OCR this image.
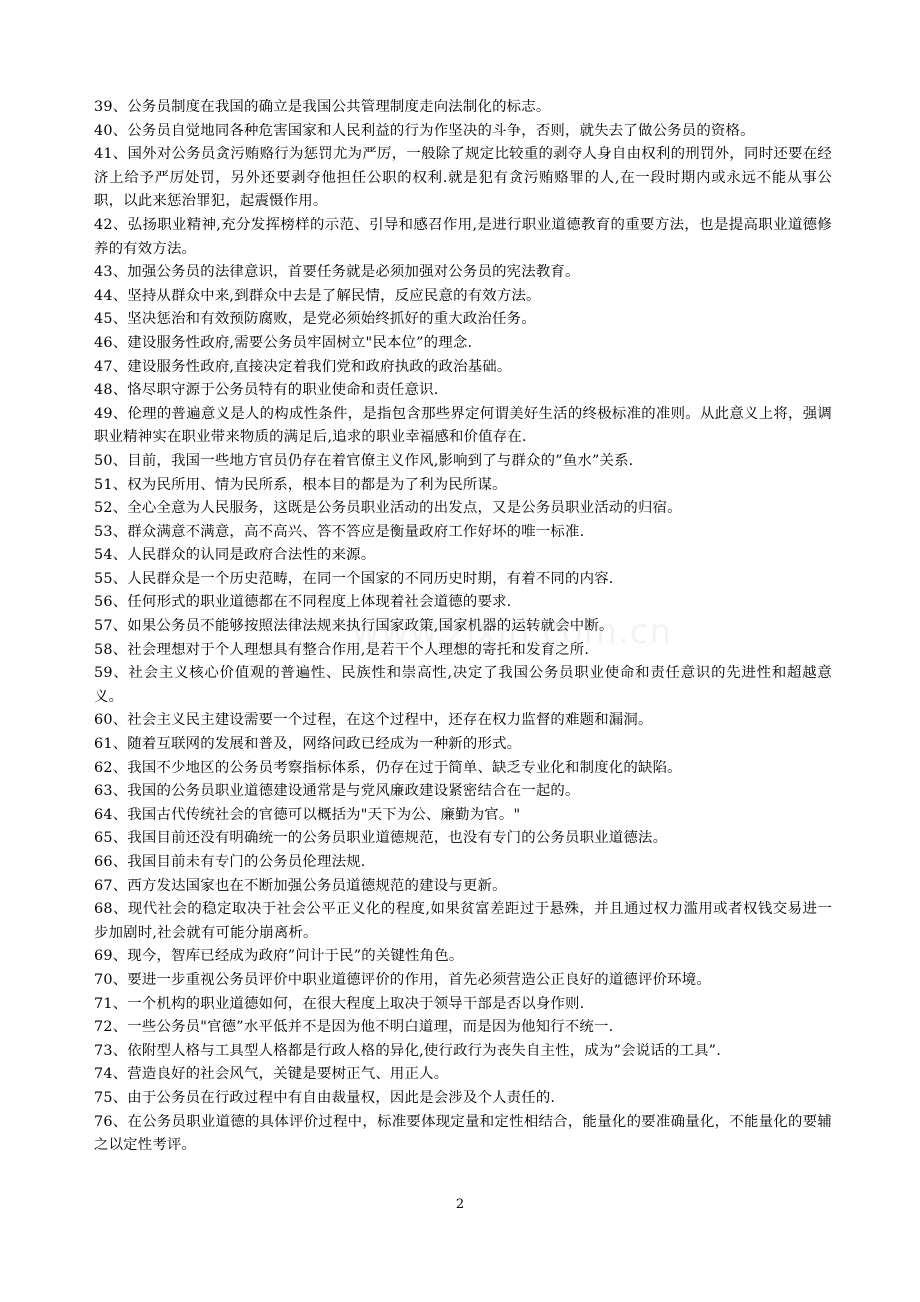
39、公务员制度在我国的确立是我国公共管理制度走向法制化的标志。

40、公务员自觉地同各种危害国家和人民利益的行为作坚决的斗争，否则，就失去了做公务员的资格。

41、国外对公务员贪污贿赂行为惩罚尤为严厉，一般除了规定比较重的剥夺人身自由权利的刑罚外，同时还要在经济上给予严厉处罚，另外还要剥夺他担任公职的权利.就是犯有贪污贿赂罪的人,在一段时期内或永远不能从事公职，以此来惩治罪犯，起震慑作用。

42、弘扬职业精神,充分发挥榜样的示范、引导和感召作用,是进行职业道德教育的重要方法，也是提高职业道德修养的有效方法。

43、加强公务员的法律意识，首要任务就是必须加强对公务员的宪法教育。

44、坚持从群众中来,到群众中去是了解民情，反应民意的有效方法。

45、坚决惩治和有效预防腐败，是党必须始终抓好的重大政治任务。

46、建设服务性政府,需要公务员牢固树立"民本位”的理念.

47、建设服务性政府,直接决定着我们党和政府执政的政治基础。

48、恪尽职守源于公务员特有的职业使命和责任意识.

49、伦理的普遍意义是人的构成性条件，是指包含那些界定何谓美好生活的终极标准的准则。从此意义上将，强调职业精神实在职业带来物质的满足后,追求的职业幸福感和价值存在.

50、目前，我国一些地方官员仍存在着官僚主义作风,影响到了与群众的”鱼水”关系.

51、权为民所用、情为民所系，根本目的都是为了利为民所谋。

52、全心全意为人民服务，这既是公务员职业活动的出发点，又是公务员职业活动的归宿。

53、群众满意不满意，高不高兴、答不答应是衡量政府工作好坏的唯一标准.

54、人民群众的认同是政府合法性的来源。

55、人民群众是一个历史范畴，在同一个国家的不同历史时期，有着不同的内容.

56、任何形式的职业道德都在不同程度上体现着社会道德的要求.

57、如果公务员不能够按照法律法规来执行国家政策,国家机器的运转就会中断。

58、社会理想对于个人理想具有整合作用,是若干个人理想的寄托和发育之所.

59、社会主义核心价值观的普遍性、民族性和崇高性,决定了我国公务员职业使命和责任意识的先进性和超越意义。

60、社会主义民主建设需要一个过程，在这个过程中，还存在权力监督的难题和漏洞。

61、随着互联网的发展和普及，网络问政已经成为一种新的形式。

62、我国不少地区的公务员考察指标体系，仍存在过于简单、缺乏专业化和制度化的缺陷。

63、我国的公务员职业道德建设通常是与党风廉政建设紧密结合在一起的。

64、我国古代传统社会的官德可以概括为"天下为公、廉勤为官。"

65、我国目前还没有明确统一的公务员职业道德规范，也没有专门的公务员职业道德法。

66、我国目前未有专门的公务员伦理法规.

67、西方发达国家也在不断加强公务员道德规范的建设与更新。

68、现代社会的稳定取决于社会公平正义化的程度,如果贫富差距过于悬殊，并且通过权力滥用或者权钱交易进一步加剧时,社会就有可能分崩离析。

69、现今，智库已经成为政府”问计于民”的关键性角色。

70、要进一步重视公务员评价中职业道德评价的作用，首先必须营造公正良好的道德评价环境。

71、一个机构的职业道德如何，在很大程度上取决于领导干部是否以身作则.

72、一些公务员"官德”水平低并不是因为他不明白道理，而是因为他知行不统一.

73、依附型人格与工具型人格都是行政人格的异化,使行政行为丧失自主性，成为”会说话的工具”.

74、营造良好的社会风气，关键是要树正气、用正人。

75、由于公务员在行政过程中有自由裁量权，因此是会涉及个人责任的.

76、在公务员职业道德的具体评价过程中，标准要体现定量和定性相结合，能量化的要准确量化，不能量化的要辅之以定性考评。

2
